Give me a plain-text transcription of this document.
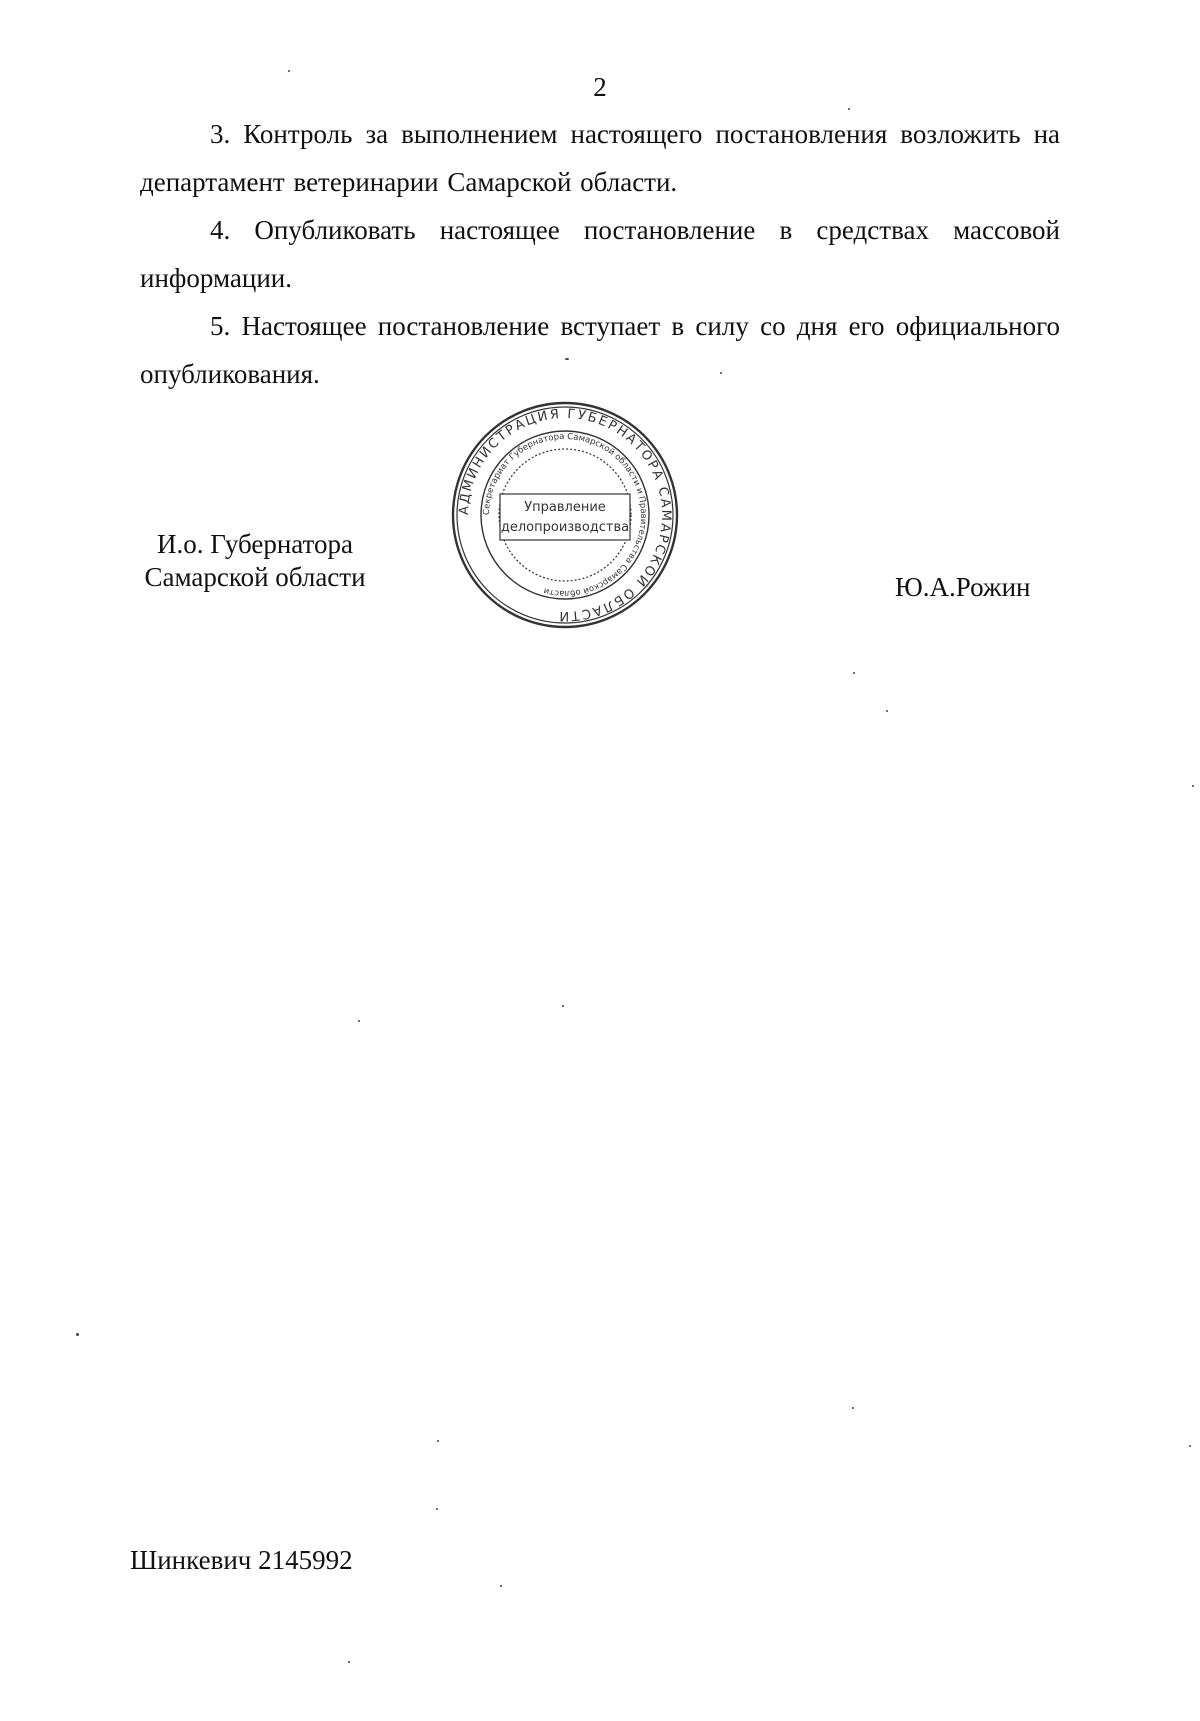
2

3. Контроль за выполнением настоящего постановления возложить на департамент ветеринарии Самарской области.

4. Опубликовать настоящее постановление в средствах массовой информации.

5. Настоящее постановление вступает в силу со дня его официального опубликования.

АДМИНИСТРАЦИЯ ГУБЕРНАТОРА САМАРСКОЙ ОБЛАСТИ
Секретариат Губернатора Самарской области и Правительства Самарской области
Управление
делопроизводства
И.о. Губернатора
Самарской области	Ю.А.Рожин
Шинкевич 2145992
